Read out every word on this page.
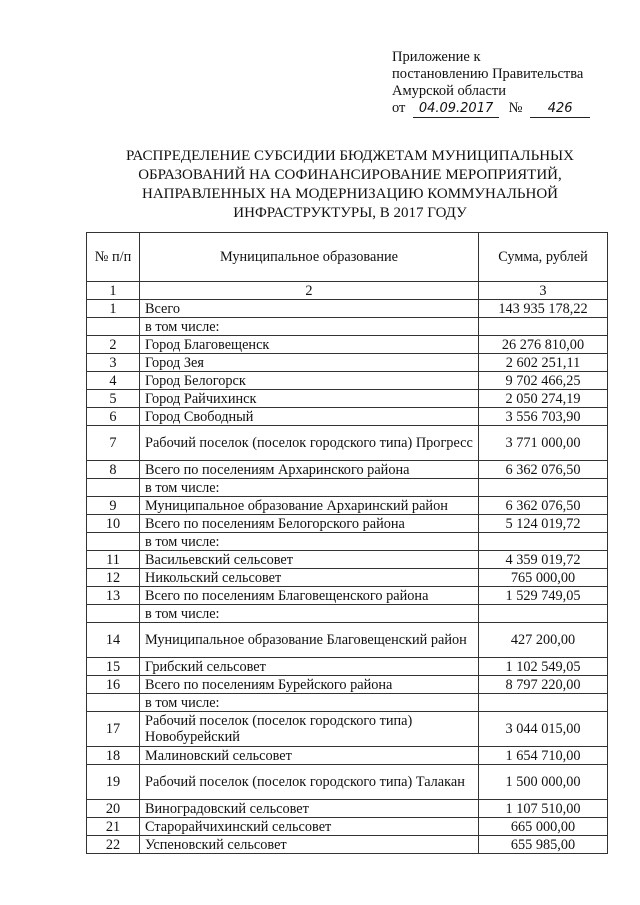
Приложение к
постановлению Правительства
Амурской области
от 04.09.2017 № 426
РАСПРЕДЕЛЕНИЕ СУБСИДИИ БЮДЖЕТАМ МУНИЦИПАЛЬНЫХ
ОБРАЗОВАНИЙ НА СОФИНАНСИРОВАНИЕ МЕРОПРИЯТИЙ,
НАПРАВЛЕННЫХ НА МОДЕРНИЗАЦИЮ КОММУНАЛЬНОЙ
ИНФРАСТРУКТУРЫ, В 2017 ГОДУ
№ п/п	Муниципальное образование	Сумма, рублей
1	2	3
1	Всего	143 935 178,22
	в том числе:	
2	Город Благовещенск	26 276 810,00
3	Город Зея	2 602 251,11
4	Город Белогорск	9 702 466,25
5	Город Райчихинск	2 050 274,19
6	Город Свободный	3 556 703,90
7	Рабочий поселок (поселок городского типа) Прогресс	3 771 000,00
8	Всего по поселениям Архаринского района	6 362 076,50
	в том числе:	
9	Муниципальное образование Архаринский район	6 362 076,50
10	Всего по поселениям Белогорского района	5 124 019,72
	в том числе:	
11	Васильевский сельсовет	4 359 019,72
12	Никольский сельсовет	765 000,00
13	Всего по поселениям Благовещенского района	1 529 749,05
	в том числе:	
14	Муниципальное образование Благовещенский район	427 200,00
15	Грибский сельсовет	1 102 549,05
16	Всего по поселениям Бурейского района	8 797 220,00
	в том числе:	
17	Рабочий поселок (поселок городского типа) Новобурейский	3 044 015,00
18	Малиновский сельсовет	1 654 710,00
19	Рабочий поселок (поселок городского типа) Талакан	1 500 000,00
20	Виноградовский сельсовет	1 107 510,00
21	Старорайчихинский сельсовет	665 000,00
22	Успеновский сельсовет	655 985,00
